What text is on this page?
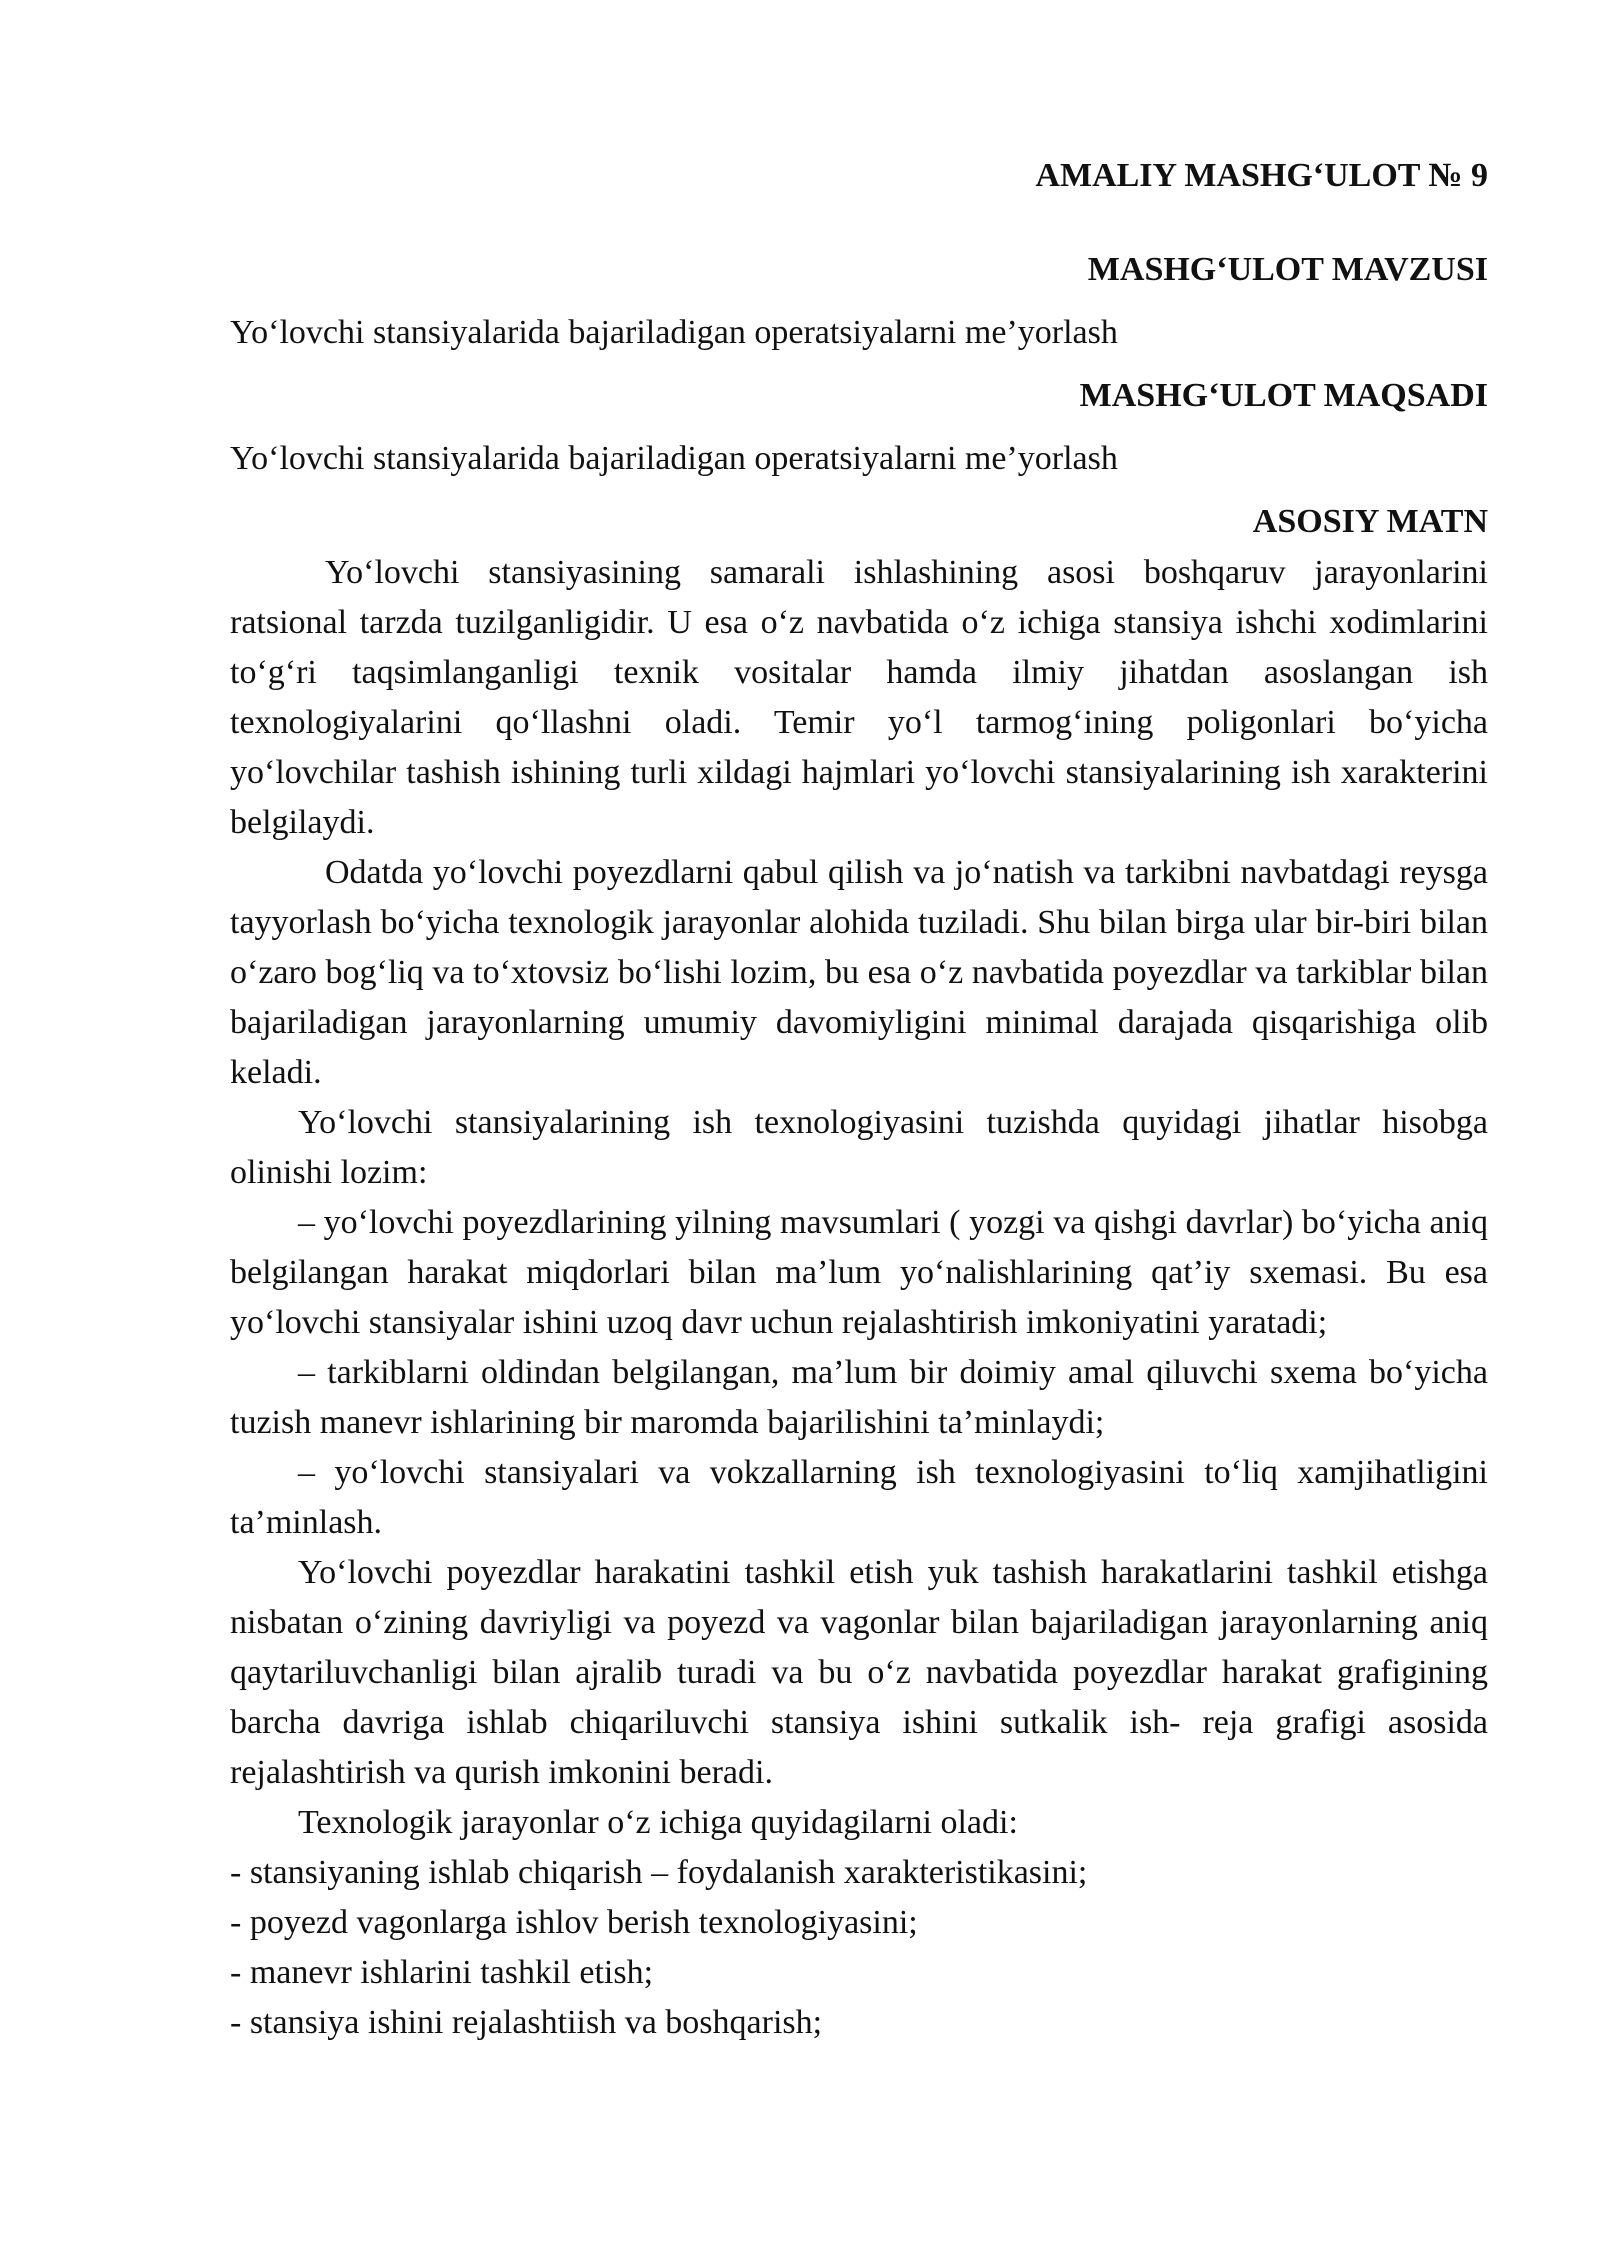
AMALIY MASHG‘ULOT № 9

MASHG‘ULOT MAVZUSI

Yo‘lovchi stansiyalarida bajariladigan operatsiyalarni me’yorlash

MASHG‘ULOT MAQSADI

Yo‘lovchi stansiyalarida bajariladigan operatsiyalarni me’yorlash

ASOSIY MATN

Yo‘lovchi stansiyasining samarali ishlashining asosi boshqaruv jarayonlarini ratsional tarzda tuzilganligidir. U esa o‘z navbatida o‘z ichiga stansiya ishchi xodimlarini to‘g‘ri taqsimlanganligi texnik vositalar hamda ilmiy jihatdan asoslangan ish texnologiyalarini qo‘llashni oladi. Temir yo‘l tarmog‘ining poligonlari bo‘yicha yo‘lovchilar tashish ishining turli xildagi hajmlari yo‘lovchi stansiyalarining ish xarakterini belgilaydi.

Odatda yo‘lovchi poyezdlarni qabul qilish va jo‘natish va tarkibni navbatdagi reysga tayyorlash bo‘yicha texnologik jarayonlar alohida tuziladi. Shu bilan birga ular bir-biri bilan o‘zaro bog‘liq va to‘xtovsiz bo‘lishi lozim, bu esa o‘z navbatida poyezdlar va tarkiblar bilan bajariladigan jarayonlarning umumiy davomiyligini minimal darajada qisqarishiga olib keladi.

Yo‘lovchi stansiyalarining ish texnologiyasini tuzishda quyidagi jihatlar hisobga olinishi lozim:

– yo‘lovchi poyezdlarining yilning mavsumlari ( yozgi va qishgi davrlar) bo‘yicha aniq belgilangan harakat miqdorlari bilan ma’lum yo‘nalishlarining qat’iy sxemasi. Bu esa yo‘lovchi stansiyalar ishini uzoq davr uchun rejalashtirish imkoniyatini yaratadi;

– tarkiblarni oldindan belgilangan, ma’lum bir doimiy amal qiluvchi sxema bo‘yicha tuzish manevr ishlarining bir maromda bajarilishini ta’minlaydi;

– yo‘lovchi stansiyalari va vokzallarning ish texnologiyasini to‘liq xamjihatligini ta’minlash.

Yo‘lovchi poyezdlar harakatini tashkil etish yuk tashish harakatlarini tashkil etishga nisbatan o‘zining davriyligi va poyezd va vagonlar bilan bajariladigan jarayonlarning aniq qaytariluvchanligi bilan ajralib turadi va bu o‘z navbatida poyezdlar harakat grafigining barcha davriga ishlab chiqariluvchi stansiya ishini sutkalik ish- reja grafigi asosida rejalashtirish va qurish imkonini beradi.

Texnologik jarayonlar o‘z ichiga quyidagilarni oladi:

- stansiyaning ishlab chiqarish – foydalanish xarakteristikasini;

- poyezd vagonlarga ishlov berish texnologiyasini;

- manevr ishlarini tashkil etish;

- stansiya ishini rejalashtiish va boshqarish;
